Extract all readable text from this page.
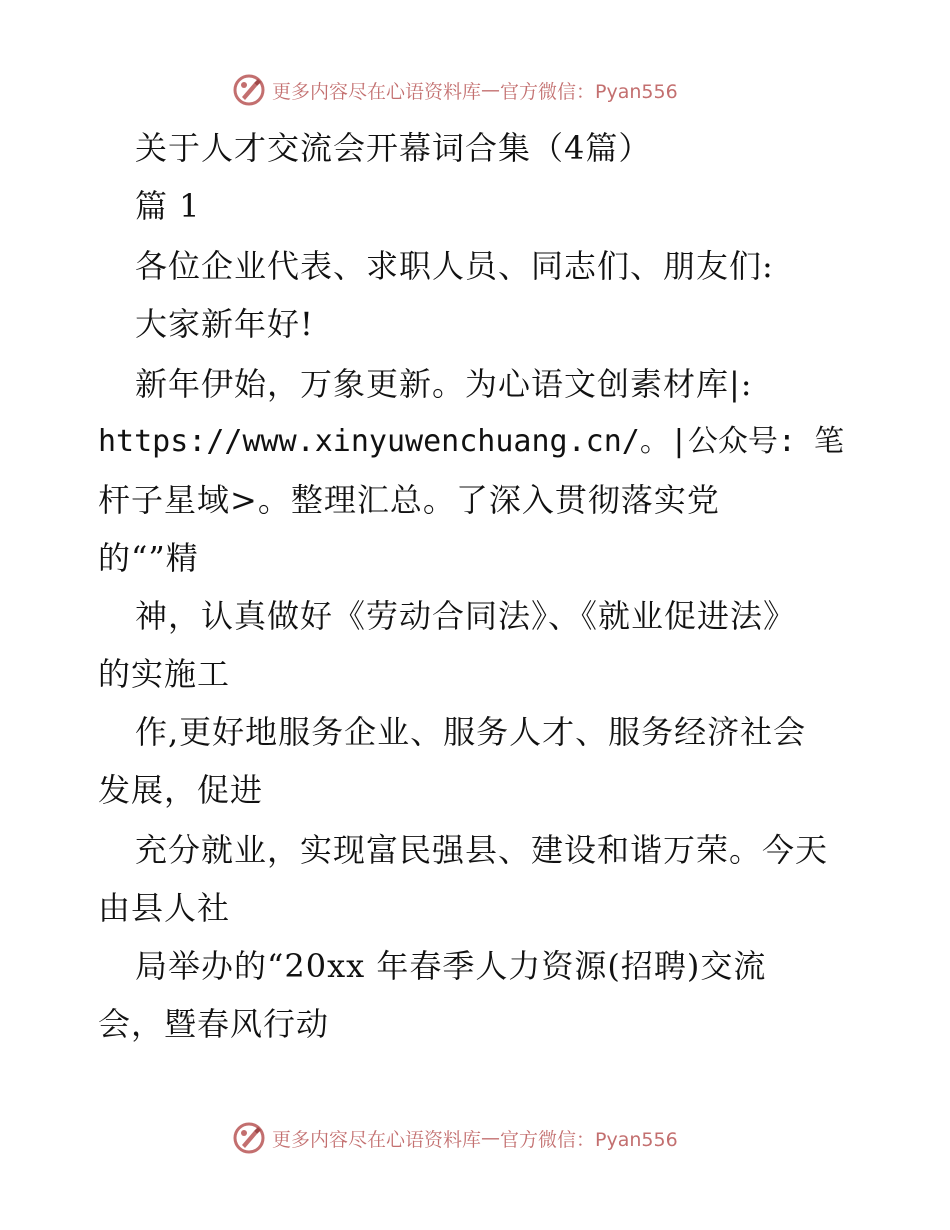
更多内容尽在心语资料库 — 官方微信：Pyan556
关于人才交流会开幕词合集（4篇）
篇 1
各位企业代表、求职人员、同志们、朋友们:
大家新年好!
新年伊始，万象更新。为心语文创素材库|:
https://www.xinyuwenchuang.cn/。|公众号: 笔
杆子星域>。整理汇总。了深入贯彻落实党
的“”精
神，认真做好《劳动合同法》、《就业促进法》
的实施工
作,更好地服务企业、服务人才、服务经济社会
发展，促进
充分就业，实现富民强县、建设和谐万荣。今天
由县人社
局举办的“20xx 年春季人力资源(招聘)交流
会，暨春风行动
更多内容尽在心语资料库 — 官方微信：Pyan556
